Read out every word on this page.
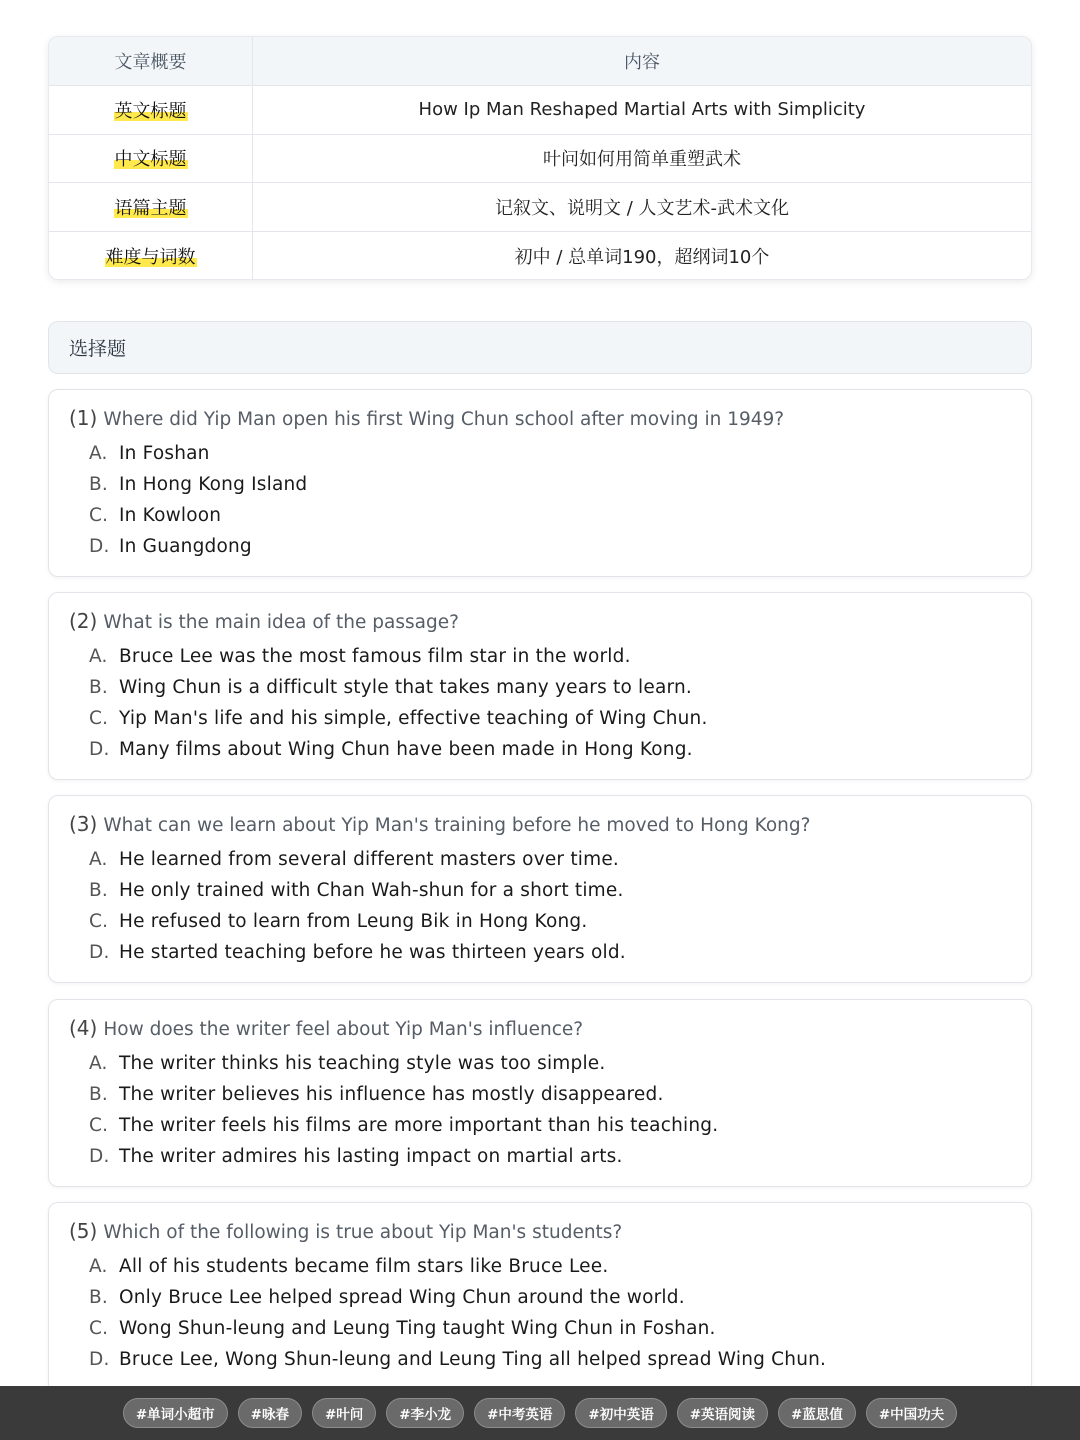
文章概要	内容
英文标题	How Ip Man Reshaped Martial Arts with Simplicity
中文标题	叶问如何用简单重塑武术
语篇主题	记叙文、说明文 / 人文艺术-武术文化
难度与词数	初中 / 总单词190，超纲词10个
选择题
(1) Where did Yip Man open his first Wing Chun school after moving in 1949?
A. In Foshan
B. In Hong Kong Island
C. In Kowloon
D. In Guangdong
(2) What is the main idea of the passage?
A. Bruce Lee was the most famous film star in the world.
B. Wing Chun is a difficult style that takes many years to learn.
C. Yip Man's life and his simple, effective teaching of Wing Chun.
D. Many films about Wing Chun have been made in Hong Kong.
(3) What can we learn about Yip Man's training before he moved to Hong Kong?
A. He learned from several different masters over time.
B. He only trained with Chan Wah-shun for a short time.
C. He refused to learn from Leung Bik in Hong Kong.
D. He started teaching before he was thirteen years old.
(4) How does the writer feel about Yip Man's influence?
A. The writer thinks his teaching style was too simple.
B. The writer believes his influence has mostly disappeared.
C. The writer feels his films are more important than his teaching.
D. The writer admires his lasting impact on martial arts.
(5) Which of the following is true about Yip Man's students?
A. All of his students became film stars like Bruce Lee.
B. Only Bruce Lee helped spread Wing Chun around the world.
C. Wong Shun-leung and Leung Ting taught Wing Chun in Foshan.
D. Bruce Lee, Wong Shun-leung and Leung Ting all helped spread Wing Chun.
#单词小超市	#咏春	#叶问	#李小龙	#中考英语	#初中英语	#英语阅读	#蓝思值	#中国功夫
